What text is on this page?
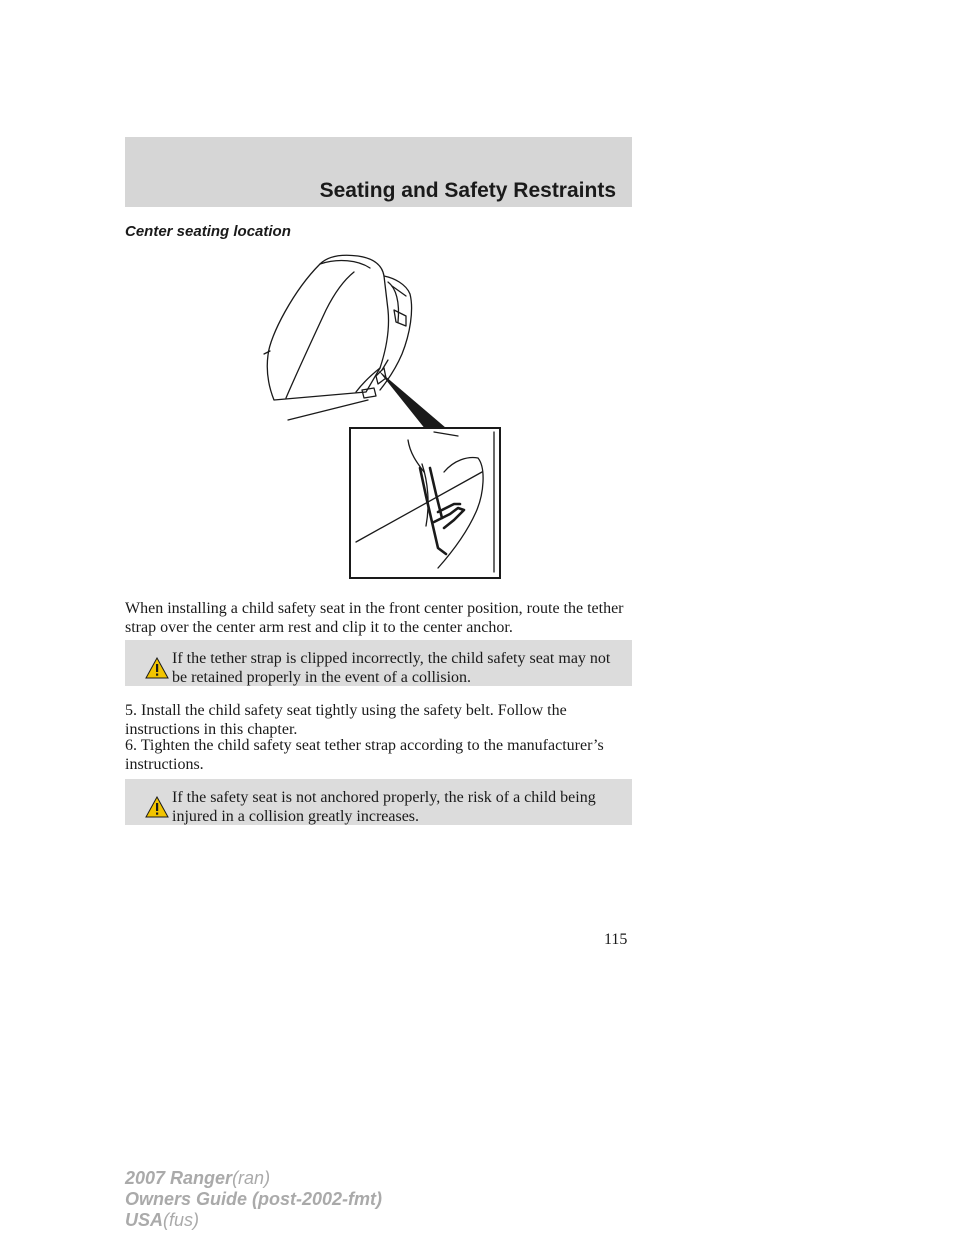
Seating and Safety Restraints
Center seating location

When installing a child safety seat in the front center position, route the tether strap over the center arm rest and clip it to the center anchor.

If the tether strap is clipped incorrectly, the child safety seat may not be retained properly in the event of a collision.

5. Install the child safety seat tightly using the safety belt. Follow the instructions in this chapter.

6. Tighten the child safety seat tether strap according to the manufacturer’s instructions.

If the safety seat is not anchored properly, the risk of a child being injured in a collision greatly increases.
115
2007 Ranger(ran)
Owners Guide (post-2002-fmt)
USA(fus)
